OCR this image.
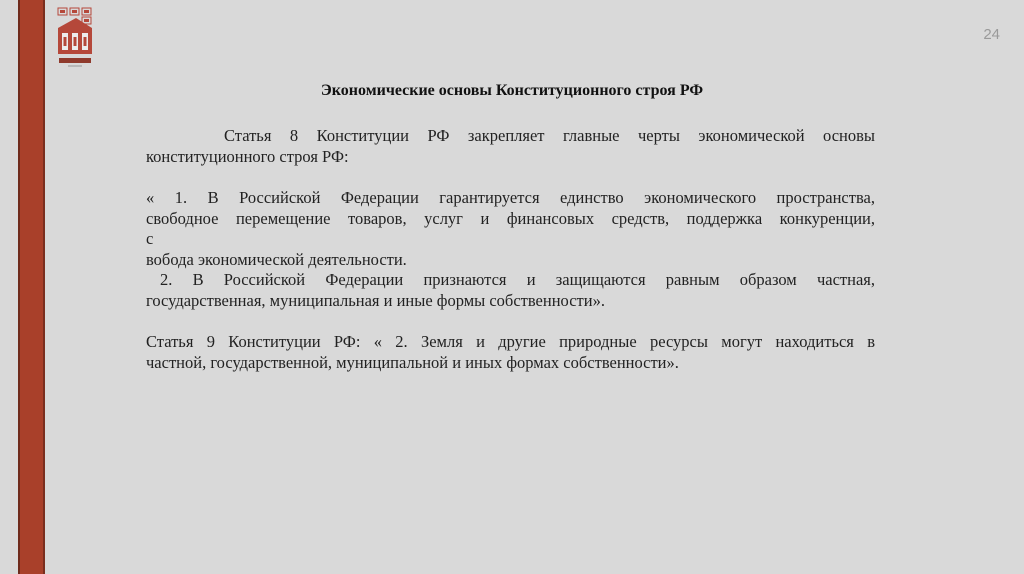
24
Экономические основы Конституционного строя РФ

Статья 8 Конституции РФ закрепляет главные черты экономической основы

конституционного строя РФ:

« 1. В Российской Федерации гарантируется единство экономического пространства,

свободное перемещение товаров, услуг и финансовых средств, поддержка конкуренции,

с

вобода экономической деятельности.

2. В Российской Федерации признаются и защищаются равным образом частная,

государственная, муниципальная и иные формы собственности».

Статья 9 Конституции РФ: « 2. Земля и другие природные ресурсы могут находиться в

частной, государственной, муниципальной и иных формах собственности».
